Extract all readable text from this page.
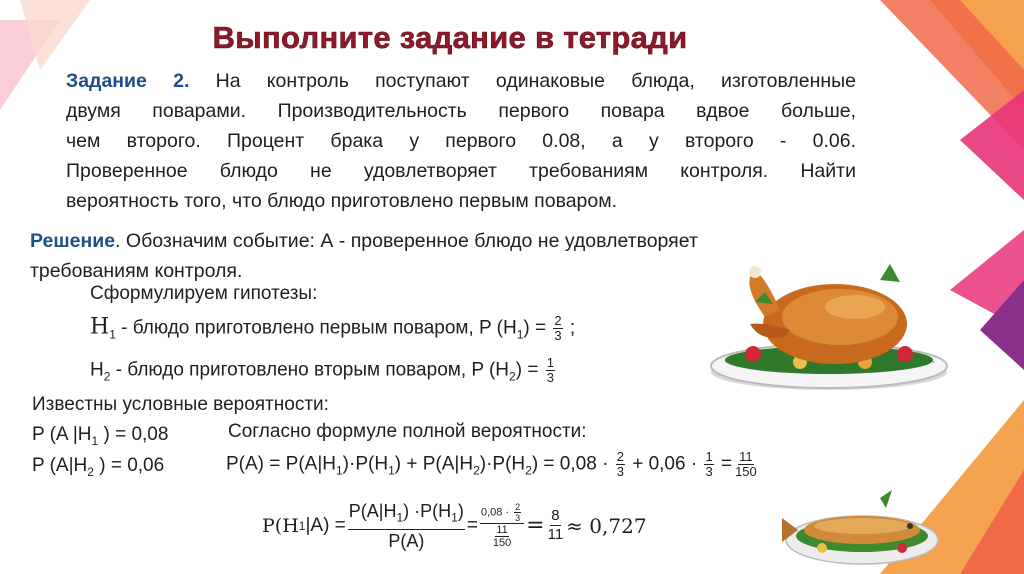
Выполните задание в тетради
Задание 2. На контроль поступают одинаковые блюда, изготовленные
двумя поварами. Производительность первого повара вдвое больше,
чем второго. Процент брака у первого 0.08, а у второго - 0.06.
Проверенное блюдо не удовлетворяет требованиям контроля. Найти
вероятность того, что блюдо приготовлено первым поваром.
Решение. Обозначим событие: А - проверенное блюдо не удовлетворяет
требованиям контроля.
Сформулируем гипотезы:
$H_1$ - блюдо приготовлено первым поваром, P $(H_1) = \frac{2}{3}$ ;
$H_2$ - блюдо приготовлено вторым поваром, P $(H_2) = \frac{1}{3}$
Известны условные вероятности:
P (A $|H_1$ ) = 0,08
P ($A|H_2$ ) = 0,06
Согласно формуле полной вероятности:
$P(A) = P(A|H_1)\cdot P(H_1) + P(A|H_2)\cdot P(H_2) = 0,08 \cdot \frac{2}{3} + 0,06 \cdot \frac{1}{3} = \frac{11}{150}$
P(H 1 $|A) = \frac{P(A|H_1) \cdot P(H_1)}{P(A)} = \frac{0,08 \cdot \frac{2}{3}}{\frac{11}{150}} = \frac{8}{11} \approx 0,727$
